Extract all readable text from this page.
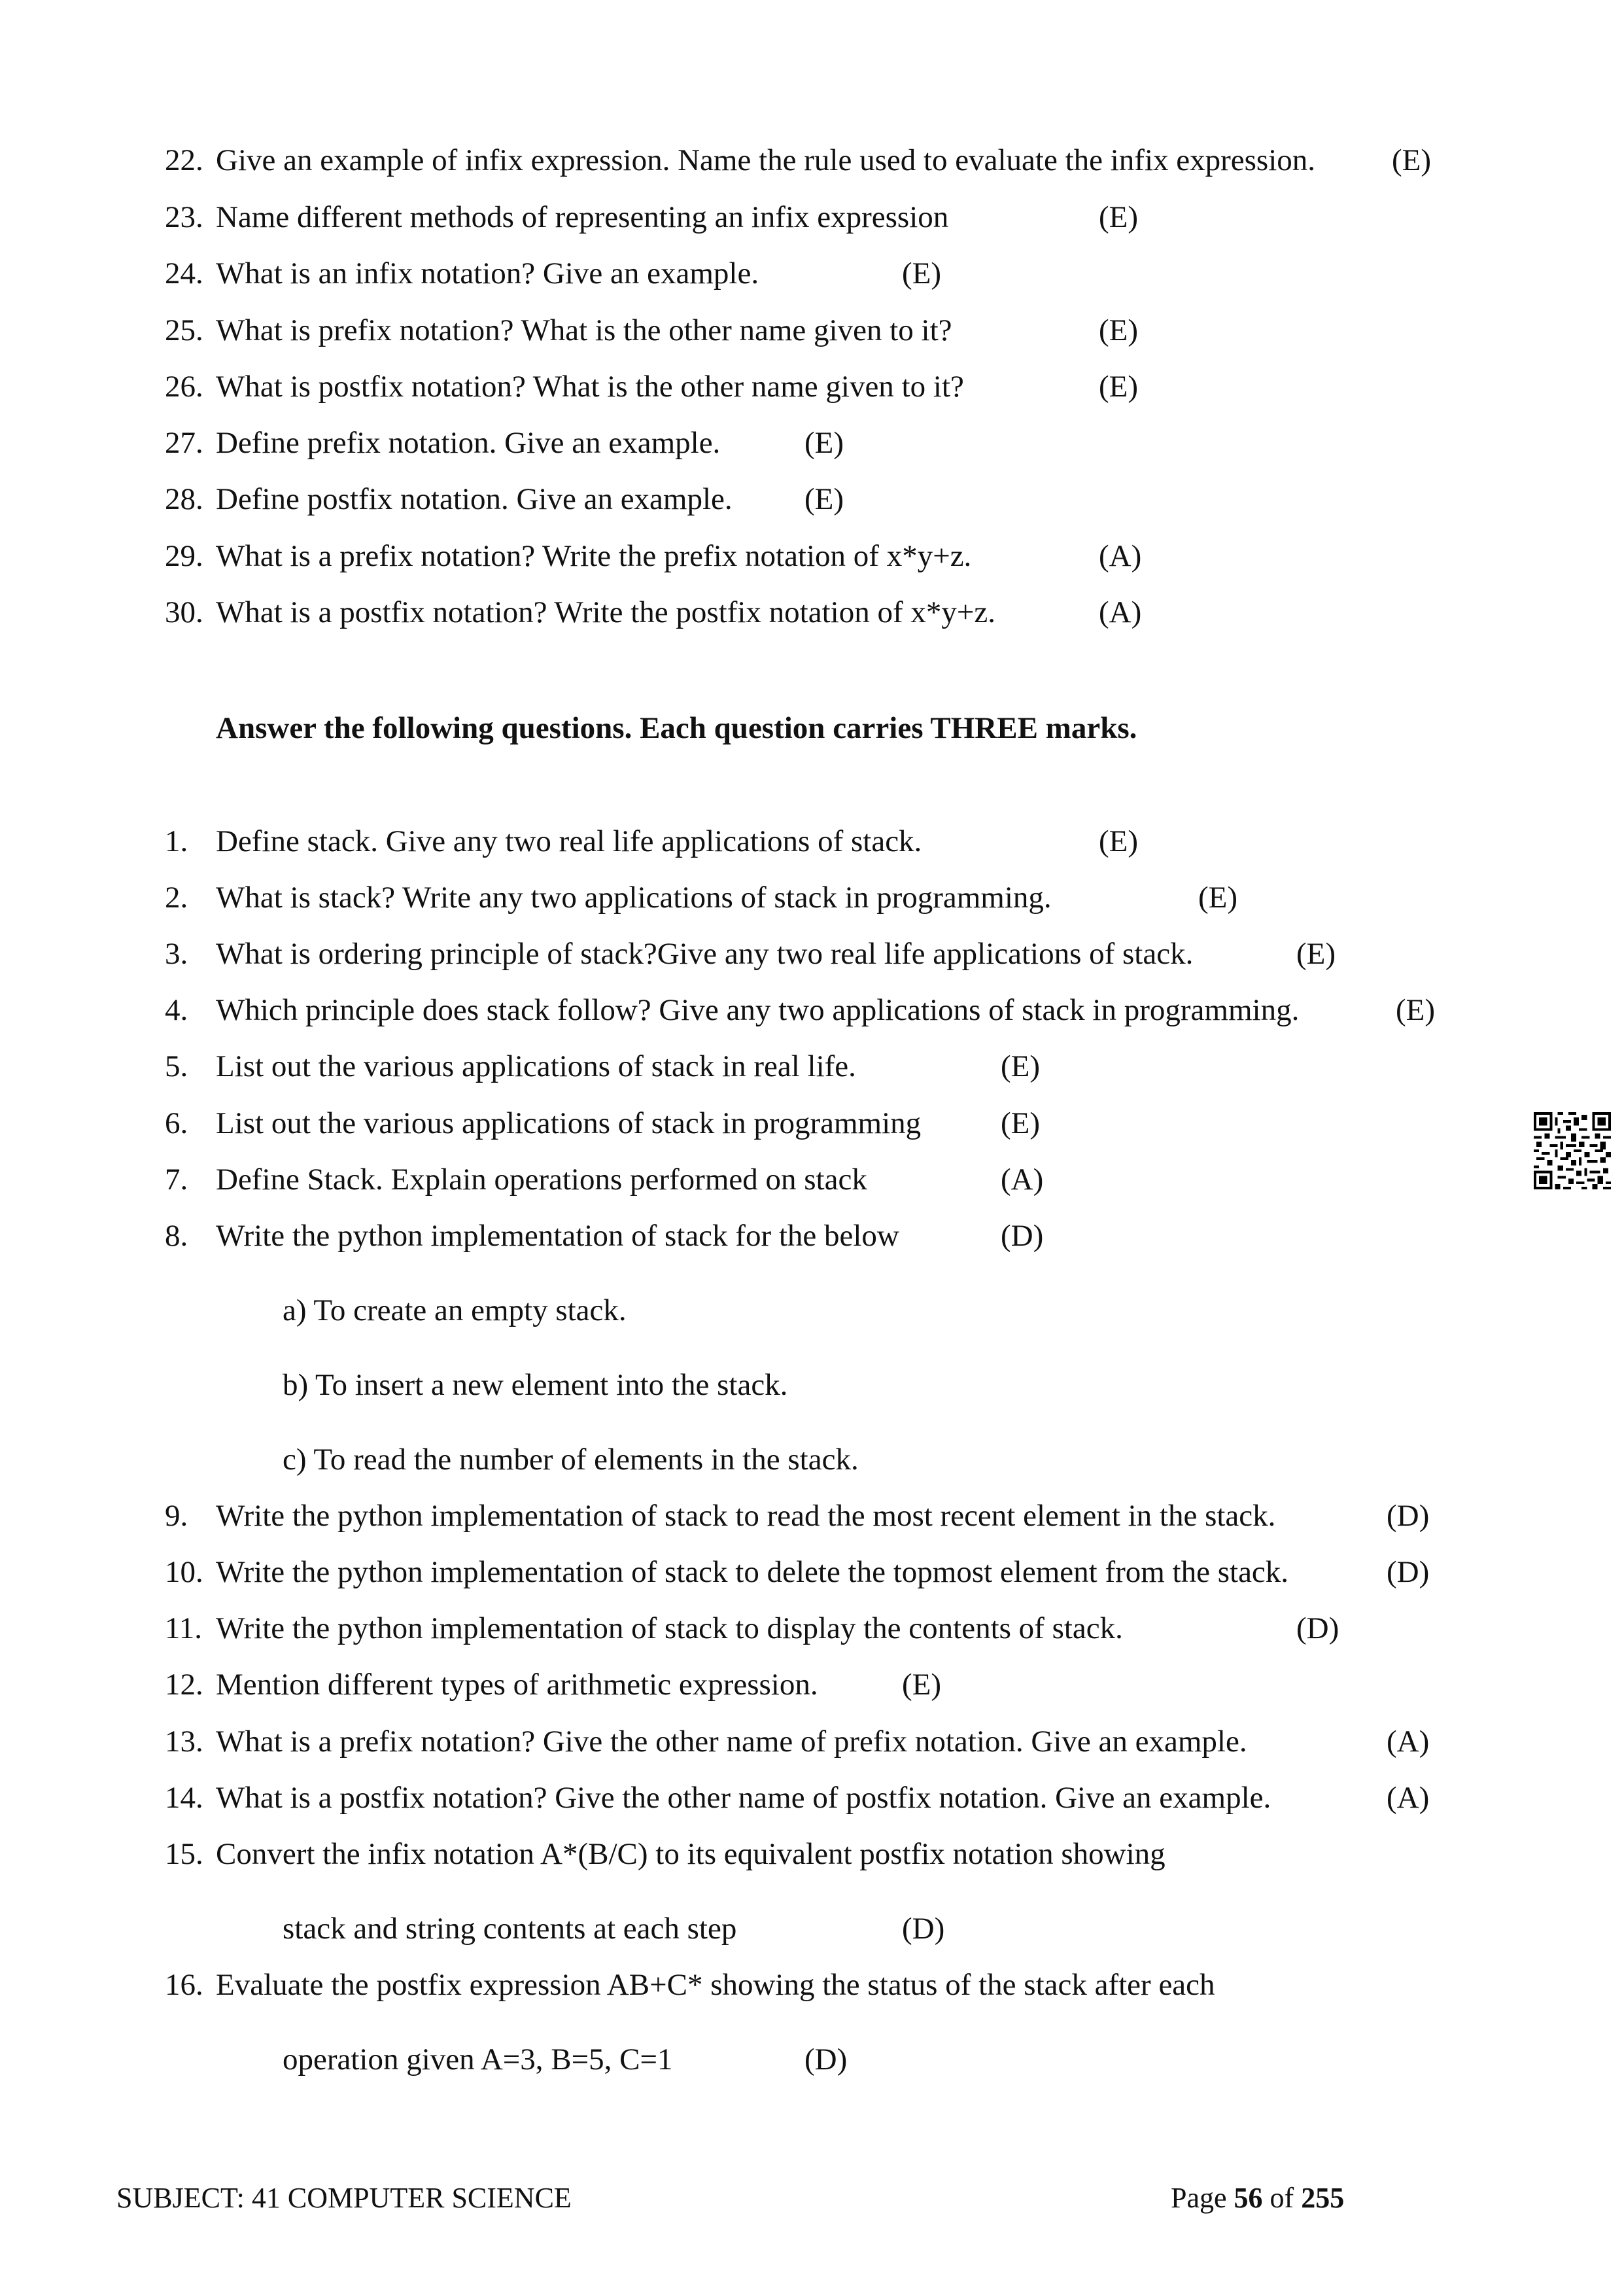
22. Give an example of infix expression. Name the rule used to evaluate the infix expression. (E)
23. Name different methods of representing an infix expression	(E)
24. What is an infix notation? Give an example.	(E)
25. What is prefix notation? What is the other name given to it?	(E)
26. What is postfix notation? What is the other name given to it?	(E)
27. Define prefix notation. Give an example.	(E)
28. Define postfix notation. Give an example. (E)
29. What is a prefix notation? Write the prefix notation of x*y+z.	(A)
30. What is a postfix notation? Write the postfix notation of x*y+z.	(A)
Answer the following questions. Each question carries THREE marks.
1. Define stack. Give any two real life applications of stack.	(E)
2. What is stack? Write any two applications of stack in programming.	(E)
3. What is ordering principle of stack?Give any two real life applications of stack.	(E)
4. Which principle does stack follow? Give any two applications of stack in programming.	(E)
5. List out the various applications of stack in real life.	(E)
6. List out the various applications of stack in programming	(E)
7. Define Stack. Explain operations performed on stack	(A)
8. Write the python implementation of stack for the below	(D)
a) To create an empty stack.
b) To insert a new element into the stack.
c) To read the number of elements in the stack.
9. Write the python implementation of stack to read the most recent element in the stack.	(D)
10. Write the python implementation of stack to delete the topmost element from the stack.	(D)
11. Write the python implementation of stack to display the contents of stack.	(D)
12. Mention different types of arithmetic expression.	(E)
13. What is a prefix notation? Give the other name of prefix notation. Give an example.	(A)
14. What is a postfix notation? Give the other name of postfix notation. Give an example.	(A)
15. Convert the infix notation A*(B/C) to its equivalent postfix notation showing
stack and string contents at each step	(D)
16. Evaluate the postfix expression AB+C* showing the status of the stack after each
operation given A=3, B=5, C=1	(D)
SUBJECT: 41 COMPUTER SCIENCE	Page 56 of 255
